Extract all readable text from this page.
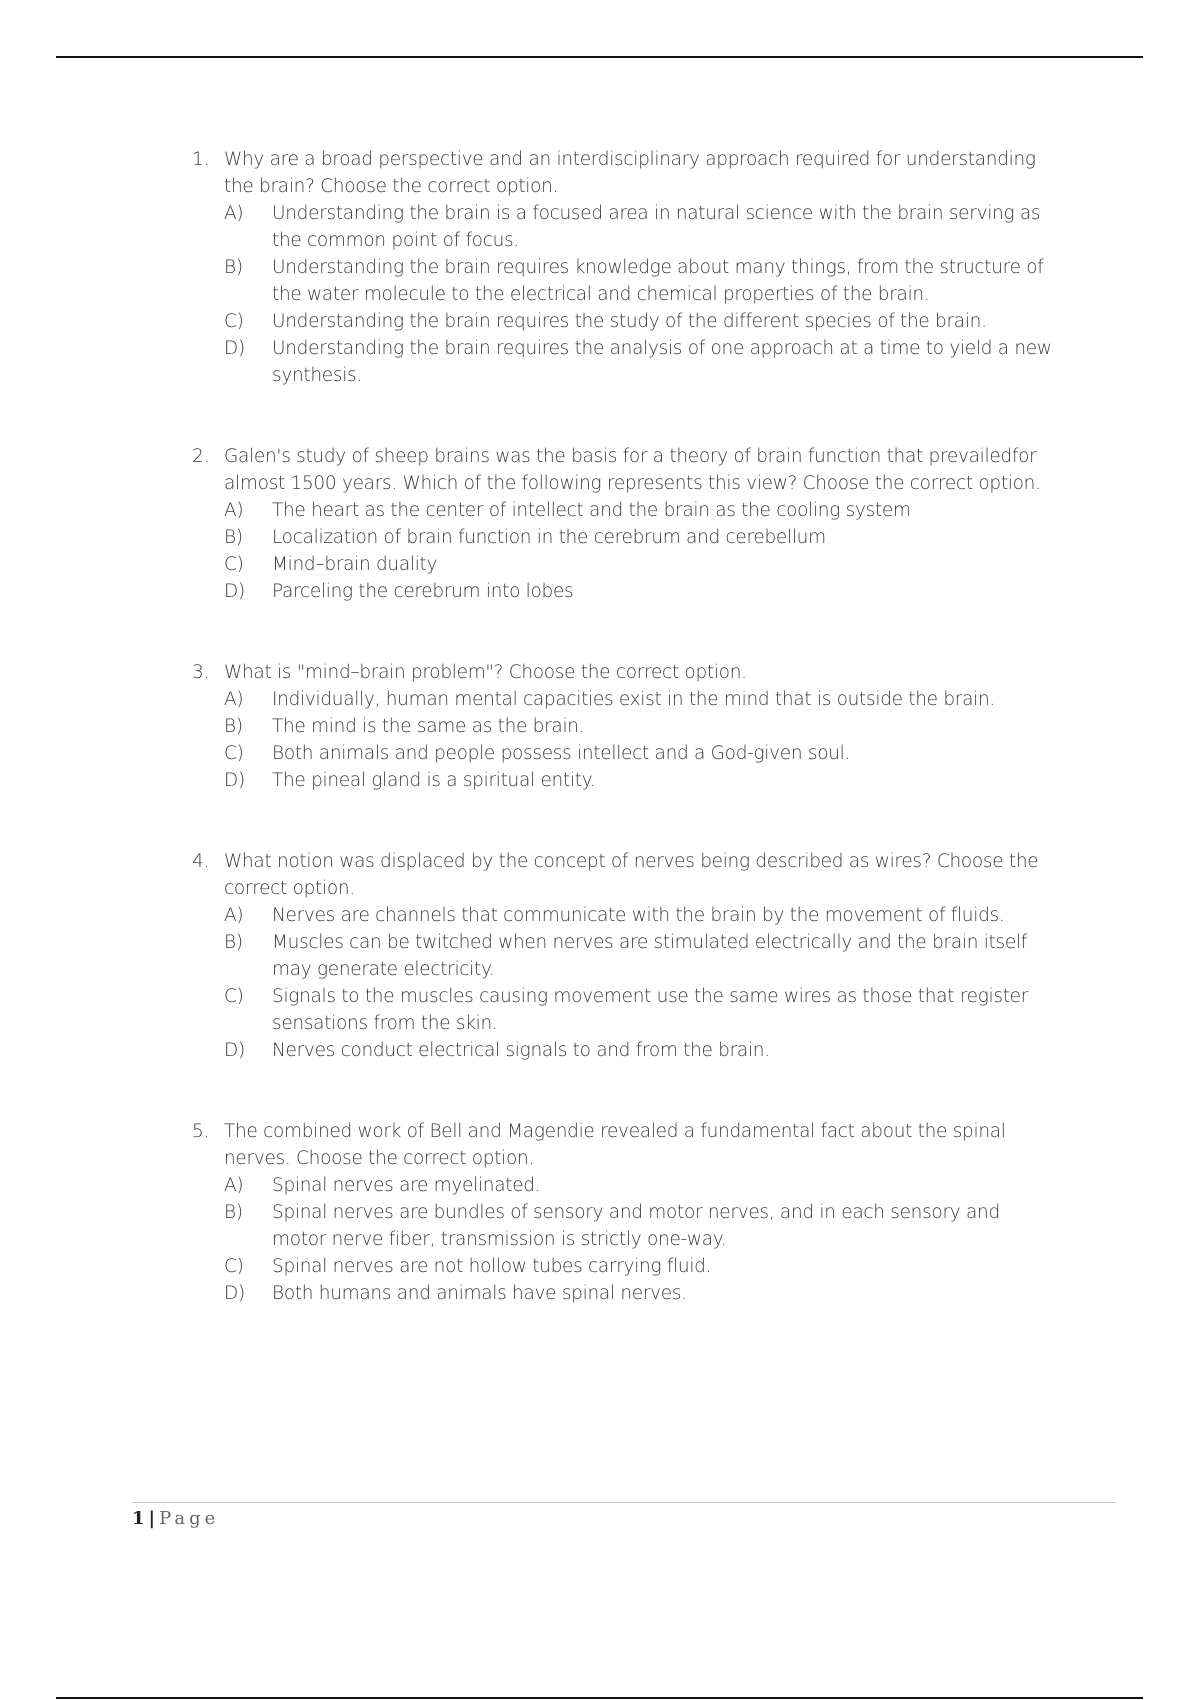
1. Why are a broad perspective and an interdisciplinary approach required for understanding the brain? Choose the correct option.
A)	Understanding the brain is a focused area in natural science with the brain serving as the common point of focus.
B)	Understanding the brain requires knowledge about many things, from the structure of the water molecule to the electrical and chemical properties of the brain.
C)	Understanding the brain requires the study of the different species of the brain.
D)	Understanding the brain requires the analysis of one approach at a time to yield a new synthesis.
2. Galen's study of sheep brains was the basis for a theory of brain function that prevailedfor almost 1500 years. Which of the following represents this view? Choose the correct option.
A)	The heart as the center of intellect and the brain as the cooling system
B)	Localization of brain function in the cerebrum and cerebellum
C)	Mind–brain duality
D)	Parceling the cerebrum into lobes
3. What is "mind–brain problem"? Choose the correct option.
A)	Individually, human mental capacities exist in the mind that is outside the brain.
B)	The mind is the same as the brain.
C)	Both animals and people possess intellect and a God-given soul.
D)	The pineal gland is a spiritual entity.
4. What notion was displaced by the concept of nerves being described as wires? Choose the correct option.
A)	Nerves are channels that communicate with the brain by the movement of fluids.
B)	Muscles can be twitched when nerves are stimulated electrically and the brain itself may generate electricity.
C)	Signals to the muscles causing movement use the same wires as those that register sensations from the skin.
D)	Nerves conduct electrical signals to and from the brain.
5. The combined work of Bell and Magendie revealed a fundamental fact about the spinal nerves. Choose the correct option.
A)	Spinal nerves are myelinated.
B)	Spinal nerves are bundles of sensory and motor nerves, and in each sensory and motor nerve fiber, transmission is strictly one-way.
C)	Spinal nerves are not hollow tubes carrying fluid.
D)	Both humans and animals have spinal nerves.
1 | Page
